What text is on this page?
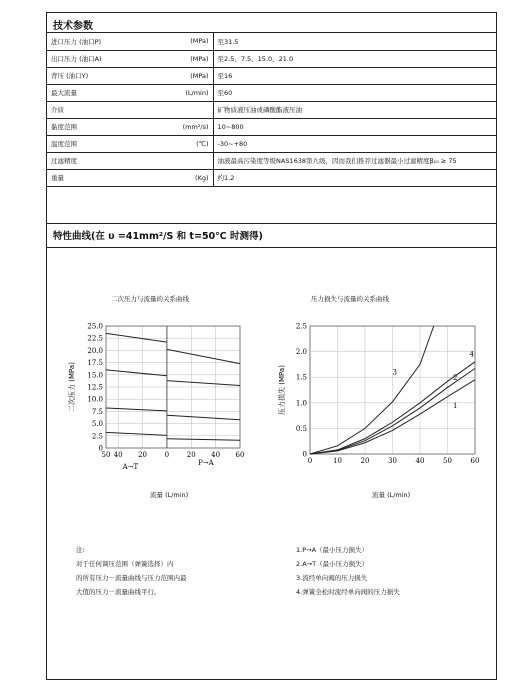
技术参数
进口压力 (油口P)	(MPa)	至31.5
出口压力 (油口A)	(MPa)	至2.5、7.5、15.0、21.0
背压 (油口Y)	(MPa)	至16
最大流量	(L/min)	至60
介质		矿物质液压油或磷酸酯液压油
黏度范围	(mm²/s)	10~800
温度范围	(℃)	-30~+80
过滤精度		油液最高污染度等级NAS1638第九级，因而我们推荐过滤器最小过滤精度β₁₀ ≥ 75
重量	(Kg)	约1.2
特性曲线(在 υ =41mm²/S 和 t=50℃ 时测得)
二次压力与流量的关系曲线
25.0
22.5
20.0
17.5
15.0
12.5
10.0
7.5
5.0
2.5
0
50 40 20	0	20 40 60
A→T	P→A
二次压力 (MPa)
流量 (L/min)
压力损失与流量的关系曲线
2.5
2.0
1.5
1.0
0.5
0
0	10	20	30	40	50	60
1
2
3
4
压力损失 (MPa)
流量 (L/min)
注:
对于任何调压范围（弹簧选择）内
的所有压力－流量曲线与压力范围内最
大值的压力－流量曲线平行。
1.P→A（最小压力损失）
2.A→T（最小压力损失）
3.流经单向阀的压力损失
4.弹簧全松时流经单向阀的压力损失
